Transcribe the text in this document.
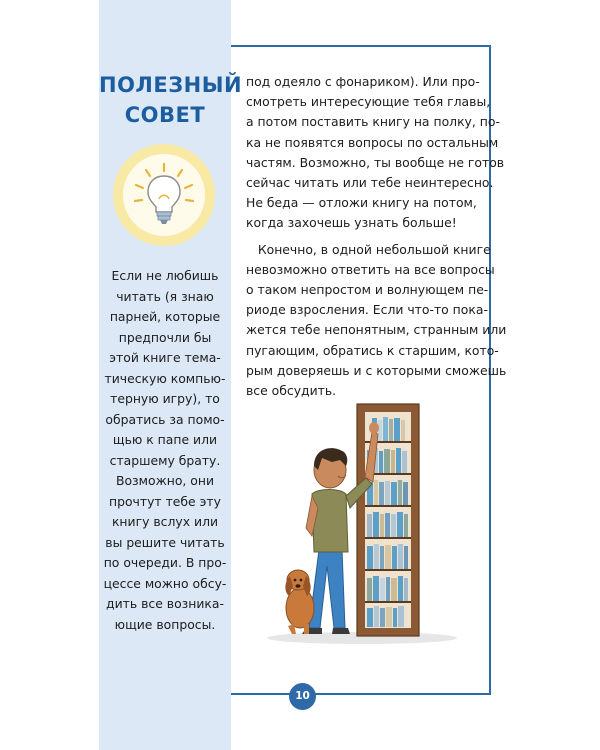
ПОЛЕЗНЫЙ
СОВЕТ
Если не любишь
читать (я знаю
парней, которые
предпочли бы
этой книге тема-
тическую компью-
терную игру), то
обратись за помо-
щью к папе или
старшему брату.
Возможно, они
прочтут тебе эту
книгу вслух или
вы решите читать
по очереди. В про-
цессе можно обсу-
дить все возника-
ющие вопросы.
под одеяло с фонариком). Или про-
смотреть интересующие тебя главы,
а потом поставить книгу на полку, по-
ка не появятся вопросы по остальным
частям. Возможно, ты вообще не готов
сейчас читать или тебе неинтересно.
Не беда — отложи книгу на потом,
когда захочешь узнать больше!
Конечно, в одной небольшой книге
невозможно ответить на все вопросы
о таком непростом и волнующем пе-
риоде взросления. Если что-то пока-
жется тебе непонятным, странным или
пугающим, обратись к старшим, кото-
рым доверяешь и с которыми сможешь
все обсудить.
10
